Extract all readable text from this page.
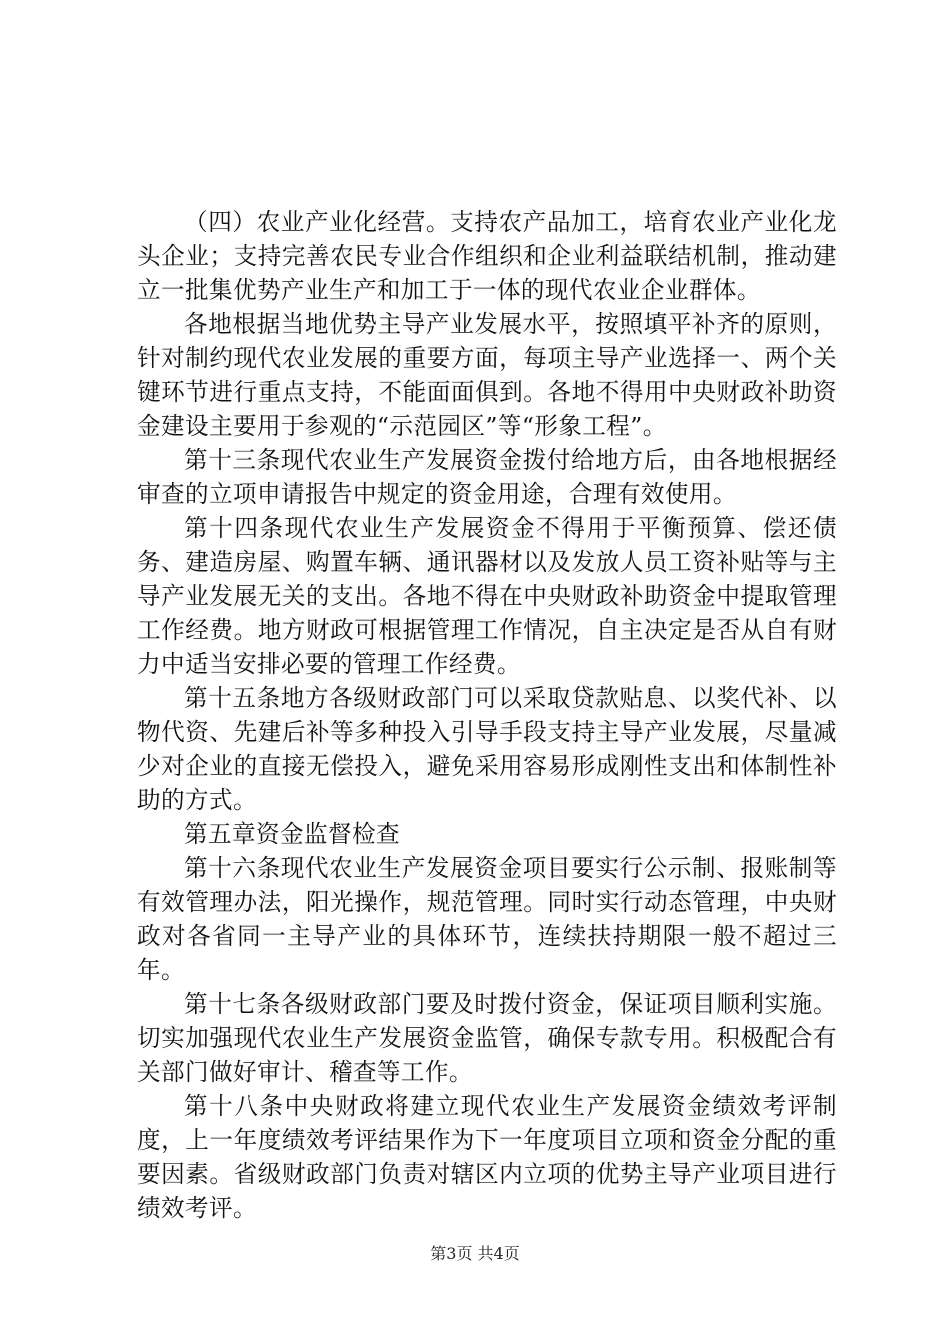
（四）农业产业化经营。支持农产品加工，培育农业产业化龙头企业；支持完善农民专业合作组织和企业利益联结机制，推动建立一批集优势产业生产和加工于一体的现代农业企业群体。

各地根据当地优势主导产业发展水平，按照填平补齐的原则，针对制约现代农业发展的重要方面，每项主导产业选择一、两个关键环节进行重点支持，不能面面俱到。各地不得用中央财政补助资金建设主要用于参观的“示范园区”等“形象工程”。

第十三条现代农业生产发展资金拨付给地方后，由各地根据经审查的立项申请报告中规定的资金用途，合理有效使用。

第十四条现代农业生产发展资金不得用于平衡预算、偿还债务、建造房屋、购置车辆、通讯器材以及发放人员工资补贴等与主导产业发展无关的支出。各地不得在中央财政补助资金中提取管理工作经费。地方财政可根据管理工作情况，自主决定是否从自有财力中适当安排必要的管理工作经费。

第十五条地方各级财政部门可以采取贷款贴息、以奖代补、以物代资、先建后补等多种投入引导手段支持主导产业发展，尽量减少对企业的直接无偿投入，避免采用容易形成刚性支出和体制性补助的方式。

第五章资金监督检查

第十六条现代农业生产发展资金项目要实行公示制、报账制等有效管理办法，阳光操作，规范管理。同时实行动态管理，中央财政对各省同一主导产业的具体环节，连续扶持期限一般不超过三年。

第十七条各级财政部门要及时拨付资金，保证项目顺利实施。切实加强现代农业生产发展资金监管，确保专款专用。积极配合有关部门做好审计、稽查等工作。

第十八条中央财政将建立现代农业生产发展资金绩效考评制度，上一年度绩效考评结果作为下一年度项目立项和资金分配的重要因素。省级财政部门负责对辖区内立项的优势主导产业项目进行绩效考评。

第3页 共4页
